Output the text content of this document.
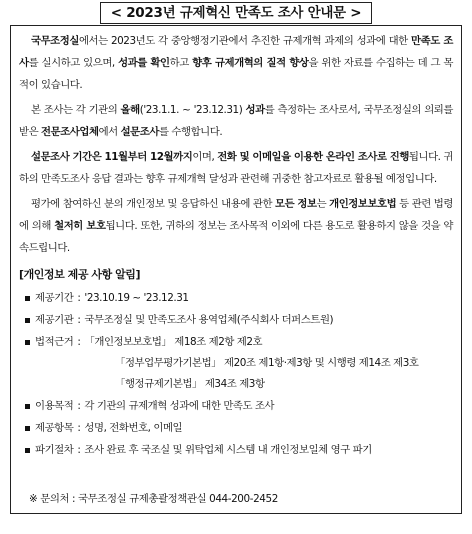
< 2023년 규제혁신 만족도 조사 안내문 >

국무조정실에서는 2023년도 각 중앙행정기관에서 추진한 규제개혁 과제의 성과에 대한 만족도 조사를 실시하고 있으며, 성과를 확인하고 향후 규제개혁의 질적 향상을 위한 자료를 수집하는 데 그 목적이 있습니다.

본 조사는 각 기관의 올해('23.1.1. ~ '23.12.31) 성과를 측정하는 조사로서, 국무조정실의 의뢰를 받은 전문조사업체에서 설문조사를 수행합니다.

설문조사 기간은 11월부터 12월까지이며, 전화 및 이메일을 이용한 온라인 조사로 진행됩니다. 귀하의 만족도조사 응답 결과는 향후 규제개혁 달성과 관련해 귀중한 참고자료로 활용될 예정입니다.

평가에 참여하신 분의 개인정보 및 응답하신 내용에 관한 모든 정보는 개인정보보호법 등 관련 법령에 의해 철저히 보호됩니다. 또한, 귀하의 정보는 조사목적 이외에 다른 용도로 활용하지 않을 것을 약속드립니다.

[개인정보 제공 사항 알림]
제공기간 : '23.10.19 ~ '23.12.31
제공기관 : 국무조정실 및 만족도조사 용역업체(주식회사 더퍼스트원)
법적근거 : 「개인정보보호법」 제18조 제2항 제2호
「정부업무평가기본법」 제20조 제1항·제3항 및 시행령 제14조 제3호
「행정규제기본법」 제34조 제3항
이용목적 : 각 기관의 규제개혁 성과에 대한 만족도 조사
제공항목 : 성명, 전화번호, 이메일
파기절차 : 조사 완료 후 국조실 및 위탁업체 시스템 내 개인정보일체 영구 파기
※ 문의처 : 국무조정실 규제총괄정책관실 044-200-2452
